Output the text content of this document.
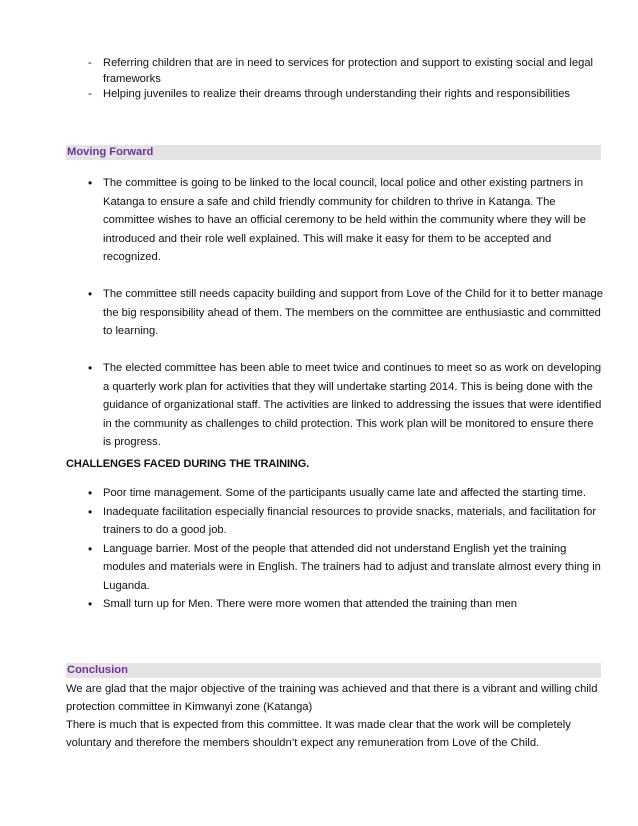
- Referring children that are in need to services for protection and support to existing social and legal frameworks
- Helping juveniles to realize their dreams through understanding their rights and responsibilities
Moving Forward
• The committee is going to be linked to the local council, local police and other existing partners in Katanga to ensure a safe and child friendly community for children to thrive in Katanga. The committee wishes to have an official ceremony to be held within the community where they will be introduced and their role well explained. This will make it easy for them to be accepted and recognized.
• The committee still needs capacity building and support from Love of the Child for it to better manage the big responsibility ahead of them. The members on the committee are enthusiastic and committed to learning.
• The elected committee has been able to meet twice and continues to meet so as work on developing a quarterly work plan for activities that they will undertake starting 2014. This is being done with the guidance of organizational staff. The activities are linked to addressing the issues that were identified in the community as challenges to child protection. This work plan will be monitored to ensure there is progress.
CHALLENGES FACED DURING THE TRAINING.
• Poor time management. Some of the participants usually came late and affected the starting time.
• Inadequate facilitation especially financial resources to provide snacks, materials, and facilitation for trainers to do a good job.
• Language barrier. Most of the people that attended did not understand English yet the training modules and materials were in English. The trainers had to adjust and translate almost every thing in Luganda.
• Small turn up for Men. There were more women that attended the training than men
Conclusion

We are glad that the major objective of the training was achieved and that there is a vibrant and willing child protection committee in Kimwanyi zone (Katanga)

There is much that is expected from this committee. It was made clear that the work will be completely voluntary and therefore the members shouldn’t expect any remuneration from Love of the Child.
